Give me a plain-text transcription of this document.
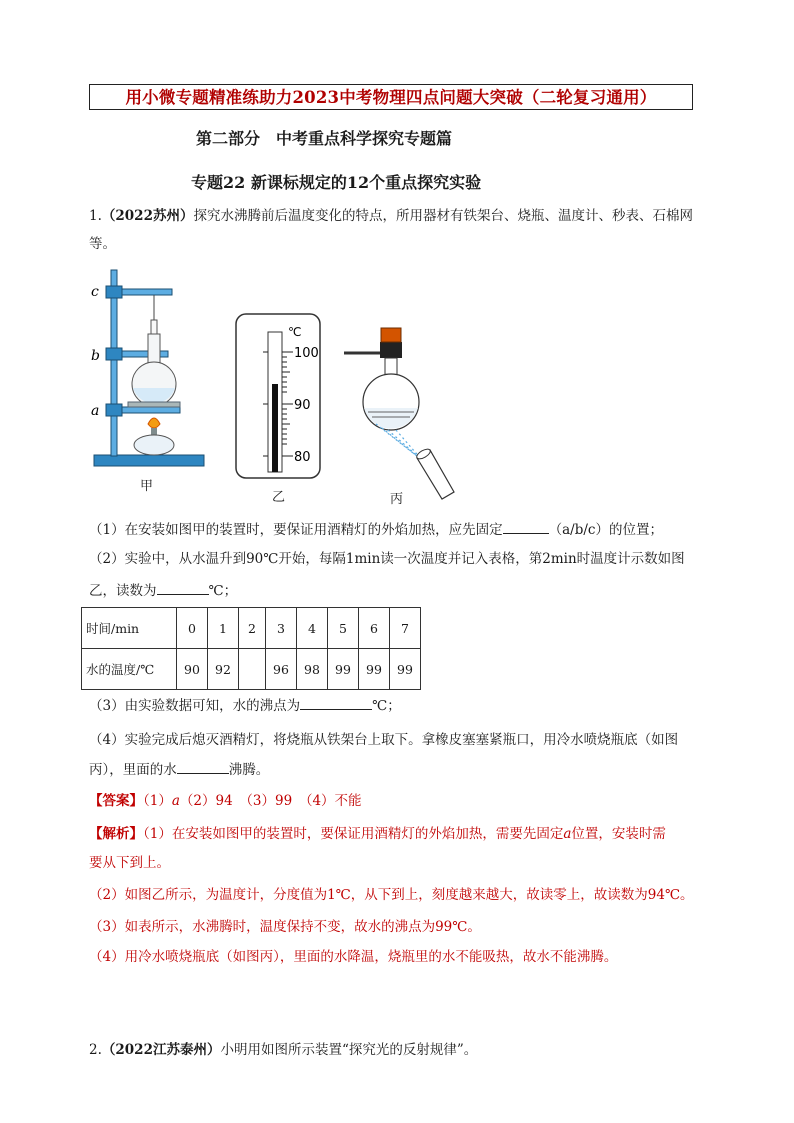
用小微专题精准练助力2023中考物理四点问题大突破（二轮复习通用）
第二部分　中考重点科学探究专题篇
专题22 新课标规定的12个重点探究实验
1.（2022苏州）探究水沸腾前后温度变化的特点，所用器材有铁架台、烧瓶、温度计、秒表、石棉网
等。
c
b
a
甲
℃
100
90
80
乙	丙
（1）在安装如图甲的装置时，要保证用酒精灯的外焰加热，应先固定	（a/b/c）的位置；
（2）实验中，从水温升到90℃开始，每隔1min读一次温度并记入表格，第2min时温度计示数如图
乙，读数为	℃；
时间/min	0	1	2	3	4	5	6	7
水的温度/℃	90	92		96	98	99	99	99
（3）由实验数据可知，水的沸点为	℃；
（4）实验完成后熄灭酒精灯，将烧瓶从铁架台上取下。拿橡皮塞塞紧瓶口，用冷水喷烧瓶底（如图
丙），里面的水	沸腾。
【答案】（1）a（2）94　（3）99　（4）不能
【解析】（1）在安装如图甲的装置时，要保证用酒精灯的外焰加热，需要先固定a位置，安装时需
要从下到上。
（2）如图乙所示，为温度计，分度值为1℃，从下到上，刻度越来越大，故读零上，故读数为94℃。
（3）如表所示，水沸腾时，温度保持不变，故水的沸点为99℃。
（4）用冷水喷烧瓶底（如图丙），里面的水降温，烧瓶里的水不能吸热，故水不能沸腾。
2.（2022江苏泰州）小明用如图所示装置“探究光的反射规律”。
